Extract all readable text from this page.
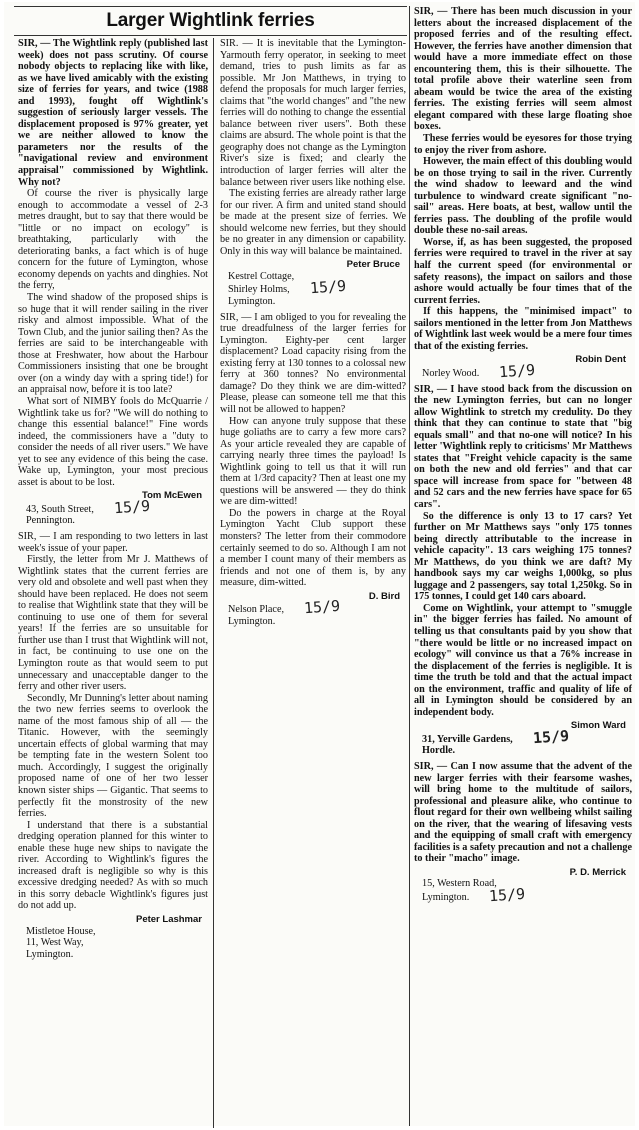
Larger Wightlink ferries

SIR, — The Wightlink reply (published last week) does not pass scrutiny. Of course nobody objects to replacing like with like, as we have lived amicably with the existing size of ferries for years, and twice (1988 and 1993), fought off Wightlink's suggestion of seriously larger vessels. The displacement proposed is 97% greater, yet we are neither allowed to know the parameters nor the results of the "navigational review and environment appraisal" commissioned by Wightlink. Why not?

Of course the river is physically large enough to accommodate a vessel of 2-3 metres draught, but to say that there would be "little or no impact on ecology" is breathtaking, particularly with the deteriorating banks, a fact which is of huge concern for the future of Lymington, whose economy depends on yachts and dinghies. Not the ferry,

The wind shadow of the proposed ships is so huge that it will render sailing in the river risky and almost impossible. What of the Town Club, and the junior sailing then? As the ferries are said to be interchangeable with those at Freshwater, how about the Harbour Commissioners insisting that one be brought over (on a windy day with a spring tide!) for an appraisal now, before it is too late?

What sort of NIMBY fools do McQuarrie / Wightlink take us for? "We will do nothing to change this essential balance!" Fine words indeed, the commissioners have a "duty to consider the needs of all river users." We have yet to see any evidence of this being the case. Wake up, Lymington, your most precious asset is about to be lost.

Tom McEwen

43, South Street, 15/9

Pennington.

SIR, — I am responding to two letters in last week's issue of your paper.

Firstly, the letter from Mr J. Matthews of Wightlink states that the current ferries are very old and obsolete and well past when they should have been replaced. He does not seem to realise that Wightlink state that they will be continuing to use one of them for several years! If the ferries are so unsuitable for further use than I trust that Wightlink will not, in fact, be continuing to use one on the Lymington route as that would seem to put unnecessary and unacceptable danger to the ferry and other river users.

Secondly, Mr Dunning's letter about naming the two new ferries seems to overlook the name of the most famous ship of all — the Titanic. However, with the seemingly uncertain effects of global warming that may be tempting fate in the western Solent too much. Accordingly, I suggest the originally proposed name of one of her two lesser known sister ships — Gigantic. That seems to perfectly fit the monstrosity of the new ferries.

I understand that there is a substantial dredging operation planned for this winter to enable these huge new ships to navigate the river. According to Wightlink's figures the increased draft is negligible so why is this excessive dredging needed? As with so much in this sorry debacle Wightlink's figures just do not add up.

Peter Lashmar

Mistletoe House,

11, West Way,

Lymington.

SIR. — It is inevitable that the Lymington-Yarmouth ferry operator, in seeking to meet demand, tries to push limits as far as possible. Mr Jon Matthews, in trying to defend the proposals for much larger ferries, claims that "the world changes" and "the new ferries will do nothing to change the essential balance between river users". Both these claims are absurd. The whole point is that the geography does not change as the Lymington River's size is fixed; and clearly the introduction of larger ferries will alter the balance between river users like nothing else.

The existing ferries are already rather large for our river. A firm and united stand should be made at the present size of ferries. We should welcome new ferries, but they should be no greater in any dimension or capability. Only in this way will balance be maintained.

Peter Bruce

Kestrel Cottage,

Shirley Holms, 15/9

Lymington.

SIR, — I am obliged to you for revealing the true dreadfulness of the larger ferries for Lymington. Eighty-per cent larger displacement? Load capacity rising from the existing ferry at 130 tonnes to a colossal new ferry at 360 tonnes? No environmental damage? Do they think we are dim-witted? Please, please can someone tell me that this will not be allowed to happen?

How can anyone truly suppose that these huge goliaths are to carry a few more cars? As your article revealed they are capable of carrying nearly three times the payload! Is Wightlink going to tell us that it will run them at 1/3rd capacity? Then at least one my questions will be answered — they do think we are dim-witted!

Do the powers in charge at the Royal Lymington Yacht Club support these monsters? The letter from their commodore certainly seemed to do so. Although I am not a member I count many of their members as friends and not one of them is, by any measure, dim-witted.

D. Bird

Nelson Place, 15/9

Lymington.

SIR, — There has been much discussion in your letters about the increased displacement of the proposed ferries and of the resulting effect. However, the ferries have another dimension that would have a more immediate effect on those encountering them, this is their silhouette. The total profile above their waterline seen from abeam would be twice the area of the existing ferries. The existing ferries will seem almost elegant compared with these large floating shoe boxes.

These ferries would be eyesores for those trying to enjoy the river from ashore.

However, the main effect of this doubling would be on those trying to sail in the river. Currently the wind shadow to leeward and the wind turbulence to windward create significant "no-sail" areas. Here boats, at best, wallow until the ferries pass. The doubling of the profile would double these no-sail areas.

Worse, if, as has been suggested, the proposed ferries were required to travel in the river at say half the current speed (for environmental or safety reasons), the impact on sailors and those ashore would actually be four times that of the current ferries.

If this happens, the "minimised impact" to sailors mentioned in the letter from Jon Matthews of Wightlink last week would be a mere four times that of the existing ferries.

Robin Dent

Norley Wood. 15/9

SIR, — I have stood back from the discussion on the new Lymington ferries, but can no longer allow Wightlink to stretch my credulity. Do they think that they can continue to state that "big equals small" and that no-one will notice? In his letter 'Wightlink reply to criticisms' Mr Matthews states that "Freight vehicle capacity is the same on both the new and old ferries" and that car space will increase from space for "between 48 and 52 cars and the new ferries have space for 65 cars".

So the difference is only 13 to 17 cars? Yet further on Mr Matthews says "only 175 tonnes being directly attributable to the increase in vehicle capacity". 13 cars weighing 175 tonnes? Mr Matthews, do you think we are daft? My handbook says my car weighs 1,000kg, so plus luggage and 2 passengers, say total 1,250kg. So in 175 tonnes, I could get 140 cars aboard.

Come on Wightlink, your attempt to "smuggle in" the bigger ferries has failed. No amount of telling us that consultants paid by you show that "there would be little or no increased impact on ecology" will convince us that a 76% increase in the displacement of the ferries is negligible. It is time the truth be told and that the actual impact on the environment, traffic and quality of life of all in Lymington should be considered by an independent body.

Simon Ward

31, Yerville Gardens, 15/9

Hordle.

SIR, — Can I now assume that the advent of the new larger ferries with their fearsome washes, will bring home to the multitude of sailors, professional and pleasure alike, who continue to flout regard for their own wellbeing whilst sailing on the river, that the wearing of lifesaving vests and the equipping of small craft with emergency facilities is a safety precaution and not a challenge to their "macho" image.

P. D. Merrick

15, Western Road,

Lymington. 15/9
